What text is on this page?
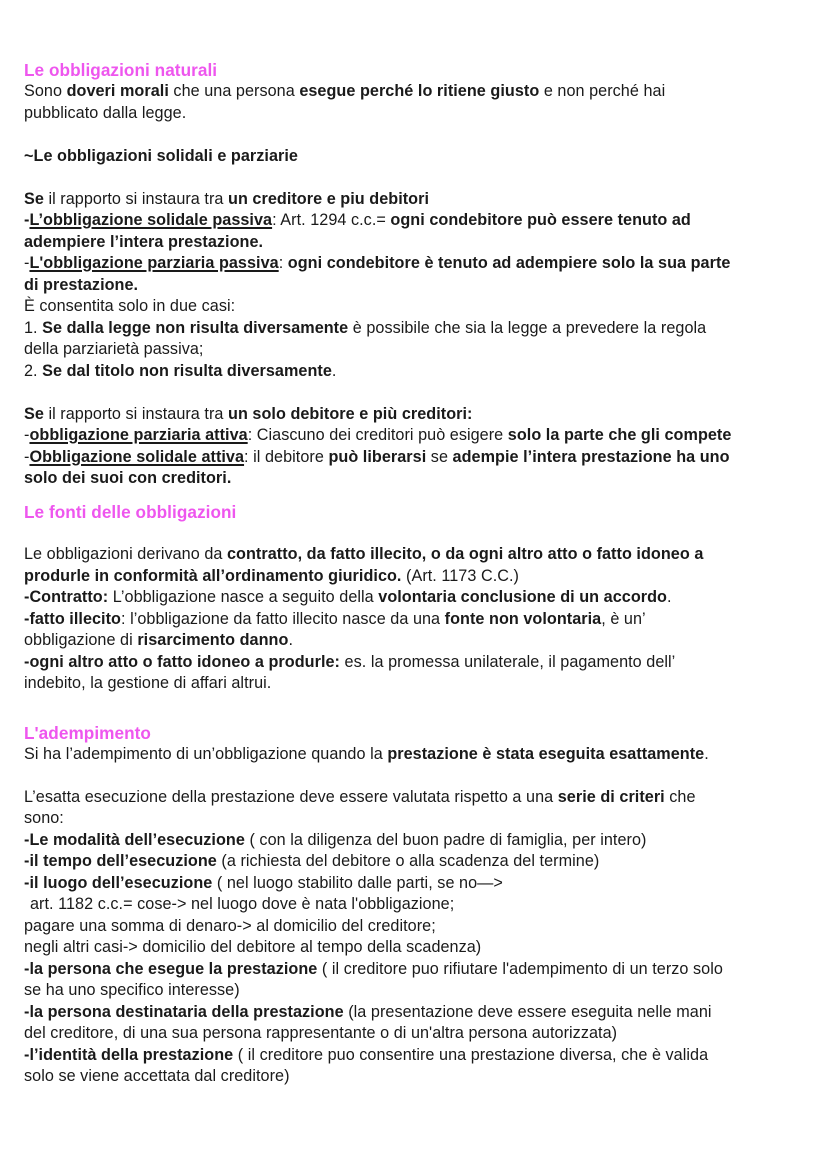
Le obbligazioni naturali

Sono doveri morali che una persona esegue perché lo ritiene giusto e non perché hai

pubblicato dalla legge.

~Le obbligazioni solidali e parziarie

Se il rapporto si instaura tra un creditore e piu debitori

-L’obbligazione solidale passiva: Art. 1294 c.c.= ogni condebitore può essere tenuto ad

adempiere l’intera prestazione.

-L'obbligazione parziaria passiva: ogni condebitore è tenuto ad adempiere solo la sua parte

di prestazione.

È consentita solo in due casi:

1. Se dalla legge non risulta diversamente è possibile che sia la legge a prevedere la regola

della parziarietà passiva;

2. Se dal titolo non risulta diversamente.

Se il rapporto si instaura tra un solo debitore e più creditori:

-obbligazione parziaria attiva: Ciascuno dei creditori può esigere solo la parte che gli compete

-Obbligazione solidale attiva: il debitore può liberarsi se adempie l’intera prestazione ha uno

solo dei suoi con creditori.

Le fonti delle obbligazioni

Le obbligazioni derivano da contratto, da fatto illecito, o da ogni altro atto o fatto idoneo a

produrle in conformità all’ordinamento giuridico. (Art. 1173 C.C.)

-Contratto: L’obbligazione nasce a seguito della volontaria conclusione di un accordo.

-fatto illecito: l’obbligazione da fatto illecito nasce da una fonte non volontaria, è un’

obbligazione di risarcimento danno.

-ogni altro atto o fatto idoneo a produrle: es. la promessa unilaterale, il pagamento dell’

indebito, la gestione di affari altrui.

L'adempimento

Si ha l’adempimento di un’obbligazione quando la prestazione è stata eseguita esattamente.

L’esatta esecuzione della prestazione deve essere valutata rispetto a una serie di criteri che

sono:

-Le modalità dell’esecuzione ( con la diligenza del buon padre di famiglia, per intero)

-il tempo dell’esecuzione (a richiesta del debitore o alla scadenza del termine)

-il luogo dell’esecuzione ( nel luogo stabilito dalle parti, se no—>

art. 1182 c.c.= cose-> nel luogo dove è nata l'obbligazione;

pagare una somma di denaro-> al domicilio del creditore;

negli altri casi-> domicilio del debitore al tempo della scadenza)

-la persona che esegue la prestazione ( il creditore puo rifiutare l'adempimento di un terzo solo

se ha uno specifico interesse)

-la persona destinataria della prestazione (la presentazione deve essere eseguita nelle mani

del creditore, di una sua persona rappresentante o di un'altra persona autorizzata)

-l’identità della prestazione ( il creditore puo consentire una prestazione diversa, che è valida

solo se viene accettata dal creditore)
